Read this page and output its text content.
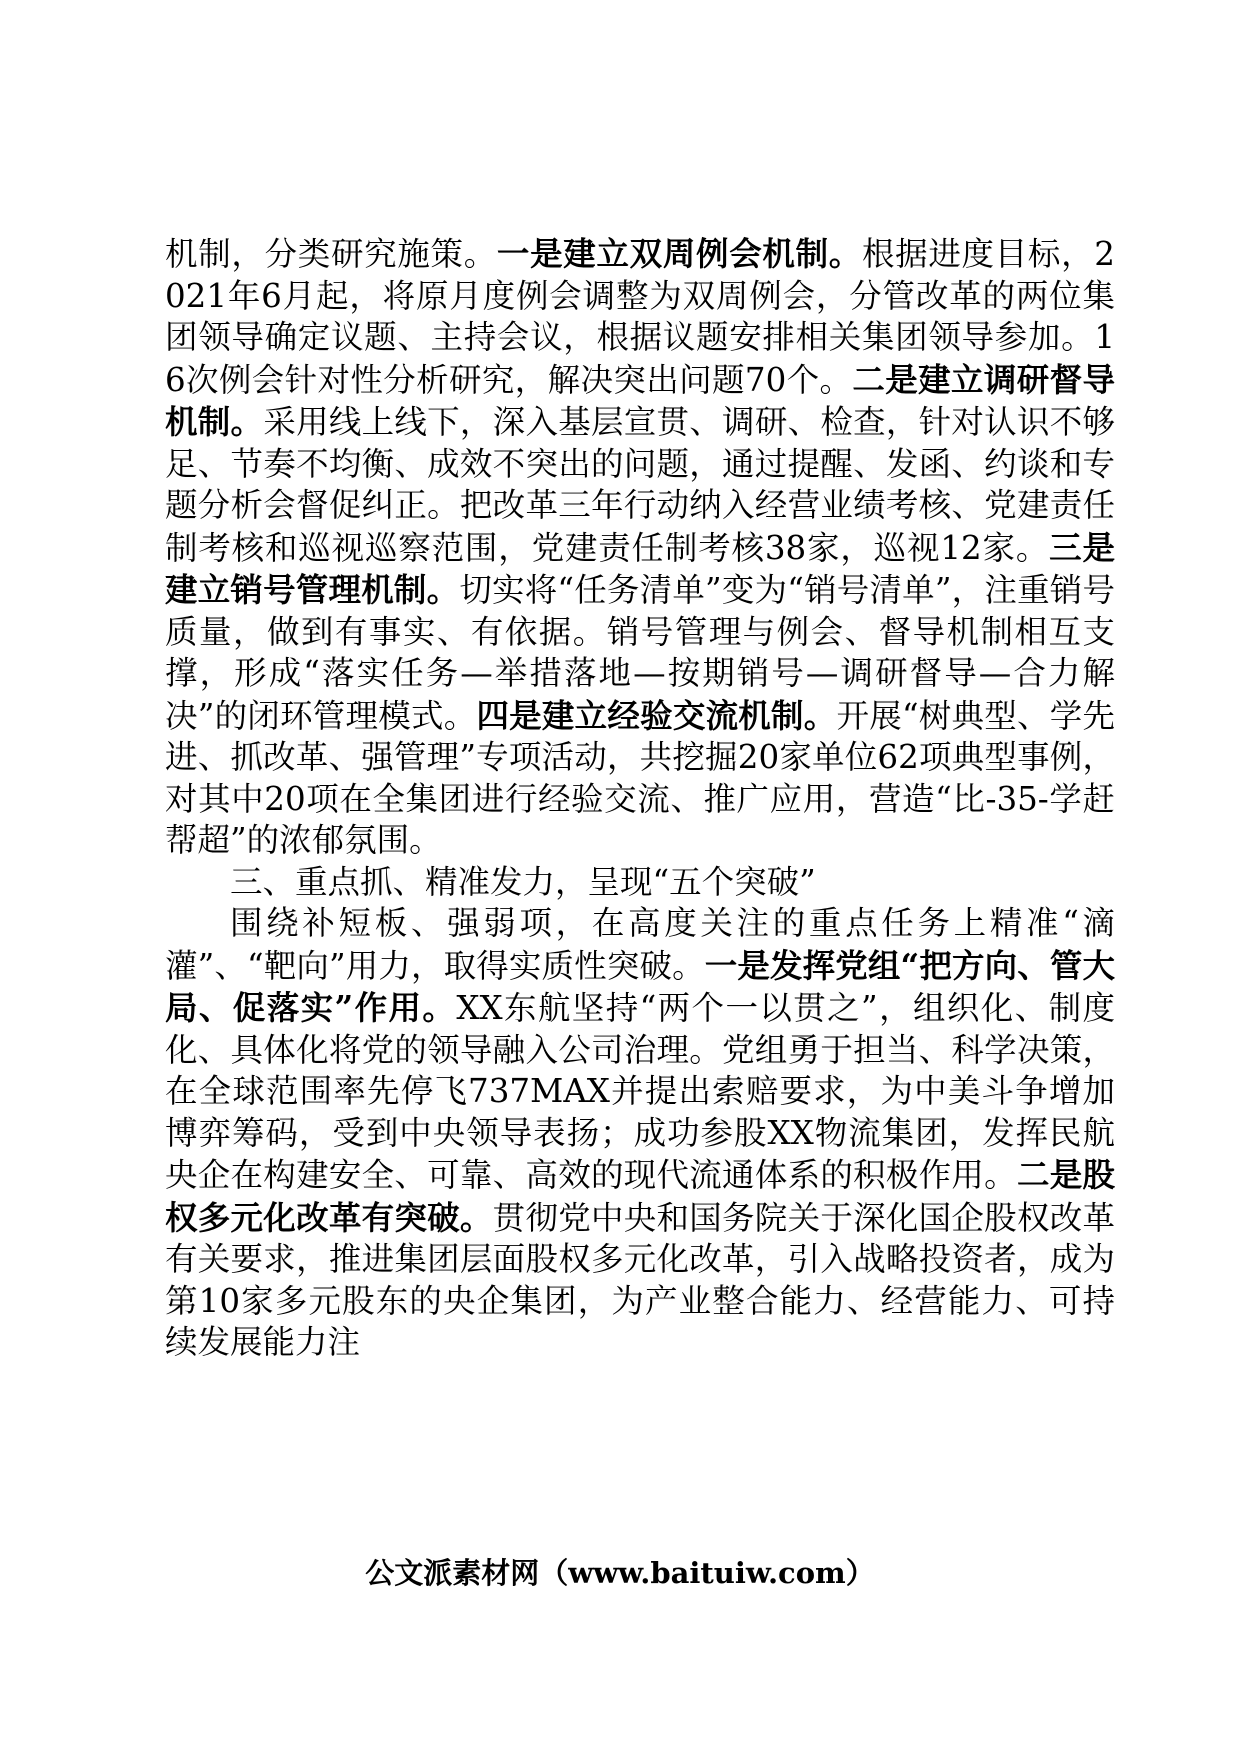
机制，分类研究施策。一是建立双周例会机制。根据进度目标，2021年6月起，将原月度例会调整为双周例会，分管改革的两位集团领导确定议题、主持会议，根据议题安排相关集团领导参加。16次例会针对性分析研究，解决突出问题70个。二是建立调研督导机制。采用线上线下，深入基层宣贯、调研、检查，针对认识不够足、节奏不均衡、成效不突出的问题，通过提醒、发函、约谈和专题分析会督促纠正。把改革三年行动纳入经营业绩考核、党建责任制考核和巡视巡察范围，党建责任制考核38家，巡视12家。三是建立销号管理机制。切实将“任务清单”变为“销号清单”，注重销号质量，做到有事实、有依据。销号管理与例会、督导机制相互支撑，形成“落实任务—举措落地—按期销号—调研督导—合力解决”的闭环管理模式。四是建立经验交流机制。开展“树典型、学先进、抓改革、强管理”专项活动，共挖掘20家单位62项典型事例，对其中20项在全集团进行经验交流、推广应用，营造“比-35-学赶帮超”的浓郁氛围。

三、重点抓、精准发力，呈现“五个突破”

围绕补短板、强弱项，在高度关注的重点任务上精准“滴灌”、“靶向”用力，取得实质性突破。一是发挥党组“把方向、管大局、促落实”作用。XX东航坚持“两个一以贯之”，组织化、制度化、具体化将党的领导融入公司治理。党组勇于担当、科学决策，在全球范围率先停飞737MAX并提出索赔要求，为中美斗争增加博弈筹码，受到中央领导表扬；成功参股XX物流集团，发挥民航央企在构建安全、可靠、高效的现代流通体系的积极作用。二是股权多元化改革有突破。贯彻党中央和国务院关于深化国企股权改革有关要求，推进集团层面股权多元化改革，引入战略投资者，成为第10家多元股东的央企集团，为产业整合能力、经营能力、可持续发展能力注

公文派素材网（www.baituiw.com）
